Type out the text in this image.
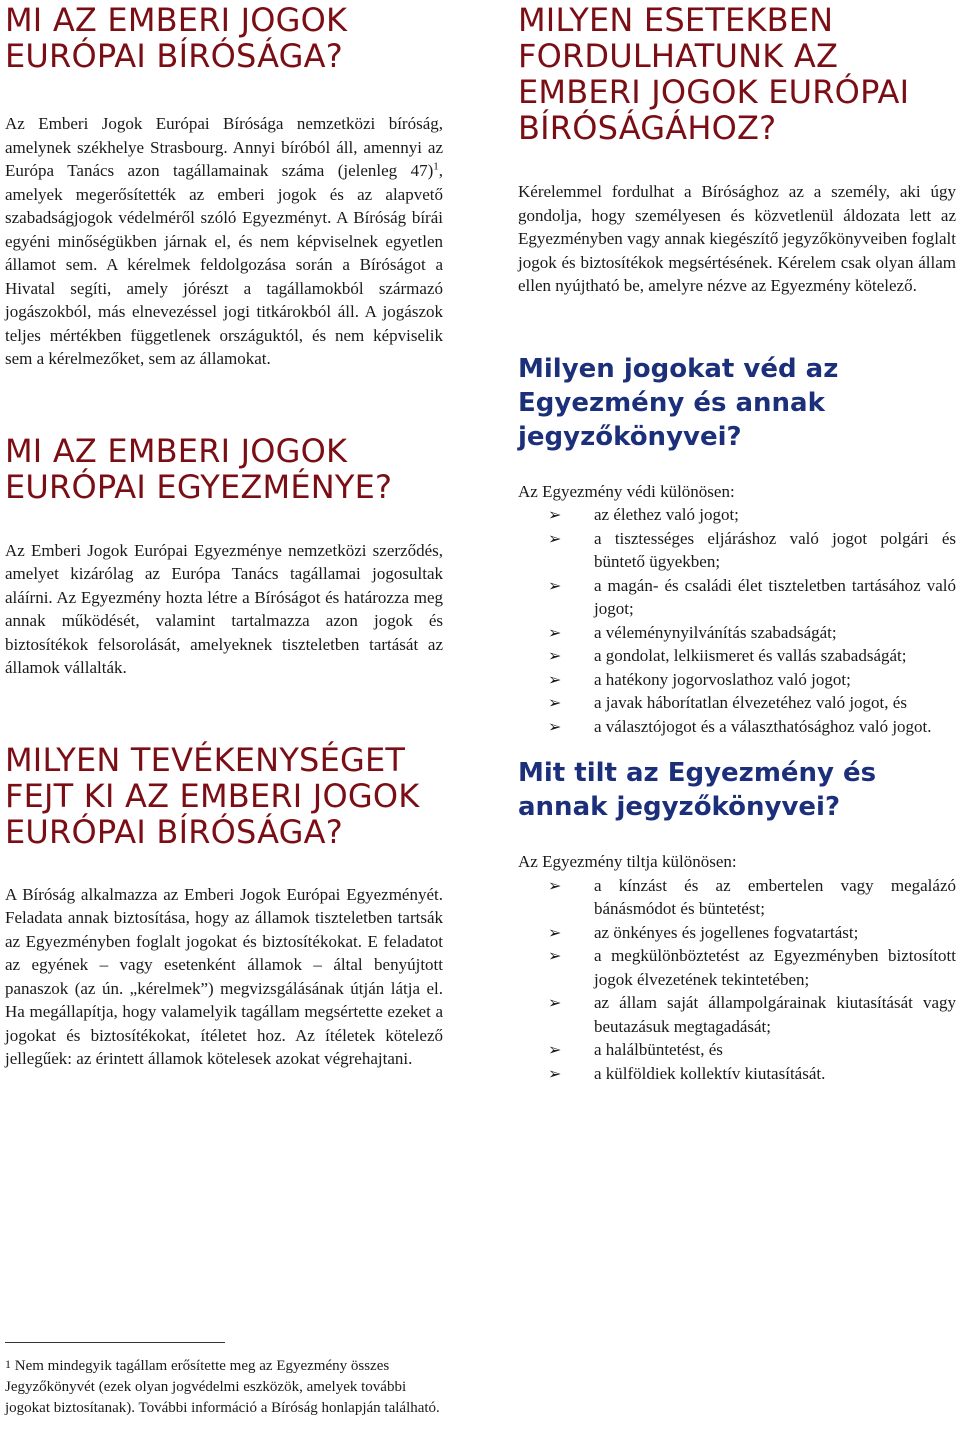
MI AZ EMBERI JOGOK EURÓPAI BÍRÓSÁGA?

Az Emberi Jogok Európai Bírósága nemzetközi bíróság, amelynek székhelye Strasbourg. Annyi bíróból áll, amennyi az Európa Tanács azon tagállamainak száma (jelenleg 47)$^1$, amelyek megerősítették az emberi jogok és az alapvető szabadságjogok védelméről szóló Egyezményt. A Bíróság bírái egyéni minőségükben járnak el, és nem képviselnek egyetlen államot sem. A kérelmek feldolgozása során a Bíróságot a Hivatal segíti, amely jórészt a tagállamokból származó jogászokból, más elnevezéssel jogi titkárokból áll. A jogászok teljes mértékben függetlenek országuktól, és nem képviselik sem a kérelmezőket, sem az államokat.

MI AZ EMBERI JOGOK EURÓPAI EGYEZMÉNYE?

Az Emberi Jogok Európai Egyezménye nemzetközi szerződés, amelyet kizárólag az Európa Tanács tagállamai jogosultak aláírni. Az Egyezmény hozta létre a Bíróságot és határozza meg annak működését, valamint tartalmazza azon jogok és biztosítékok felsorolását, amelyeknek tiszteletben tartását az államok vállalták.

MILYEN TEVÉKENYSÉGET FEJT KI AZ EMBERI JOGOK EURÓPAI BÍRÓSÁGA?

A Bíróság alkalmazza az Emberi Jogok Európai Egyezményét. Feladata annak biztosítása, hogy az államok tiszteletben tartsák az Egyezményben foglalt jogokat és biztosítékokat. E feladatot az egyének – vagy esetenként államok – által benyújtott panaszok (az ún. „kérelmek”) megvizsgálásának útján látja el. Ha megállapítja, hogy valamelyik tagállam megsértette ezeket a jogokat és biztosítékokat, ítéletet hoz. Az ítéletek kötelező jellegűek: az érintett államok kötelesek azokat végrehajtani.

MILYEN ESETEKBEN FORDULHATUNK AZ EMBERI JOGOK EURÓPAI BÍRÓSÁGÁHOZ?

Kérelemmel fordulhat a Bírósághoz az a személy, aki úgy gondolja, hogy személyesen és közvetlenül áldozata lett az Egyezményben vagy annak kiegészítő jegyzőkönyveiben foglalt jogok és biztosítékok megsértésének. Kérelem csak olyan állam ellen nyújtható be, amelyre nézve az Egyezmény kötelező.

Milyen jogokat véd az Egyezmény és annak jegyzőkönyvei?

Az Egyezmény védi különösen:

➢ az élethez való jogot;
➢ a tisztességes eljáráshoz való jogot polgári és büntető ügyekben;
➢ a magán- és családi élet tiszteletben tartásához való jogot;
➢ a véleménynyilvánítás szabadságát;
➢ a gondolat, lelkiismeret és vallás szabadságát;
➢ a hatékony jogorvoslathoz való jogot;
➢ a javak háborítatlan élvezetéhez való jogot, és
➢ a választójogot és a választhatósághoz való jogot.
Mit tilt az Egyezmény és annak jegyzőkönyvei?

Az Egyezmény tiltja különösen:

➢ a kínzást és az embertelen vagy megalázó bánásmódot és büntetést;
➢ az önkényes és jogellenes fogvatartást;
➢ a megkülönböztetést az Egyezményben biztosított jogok élvezetének tekintetében;
➢ az állam saját állampolgárainak kiutasítását vagy beutazásuk megtagadását;
➢ a halálbüntetést, és
➢ a külföldiek kollektív kiutasítását.
$^1$ Nem mindegyik tagállam erősítette meg az Egyezmény összes Jegyzőkönyvét (ezek olyan jogvédelmi eszközök, amelyek további jogokat biztosítanak). További információ a Bíróság honlapján található.
